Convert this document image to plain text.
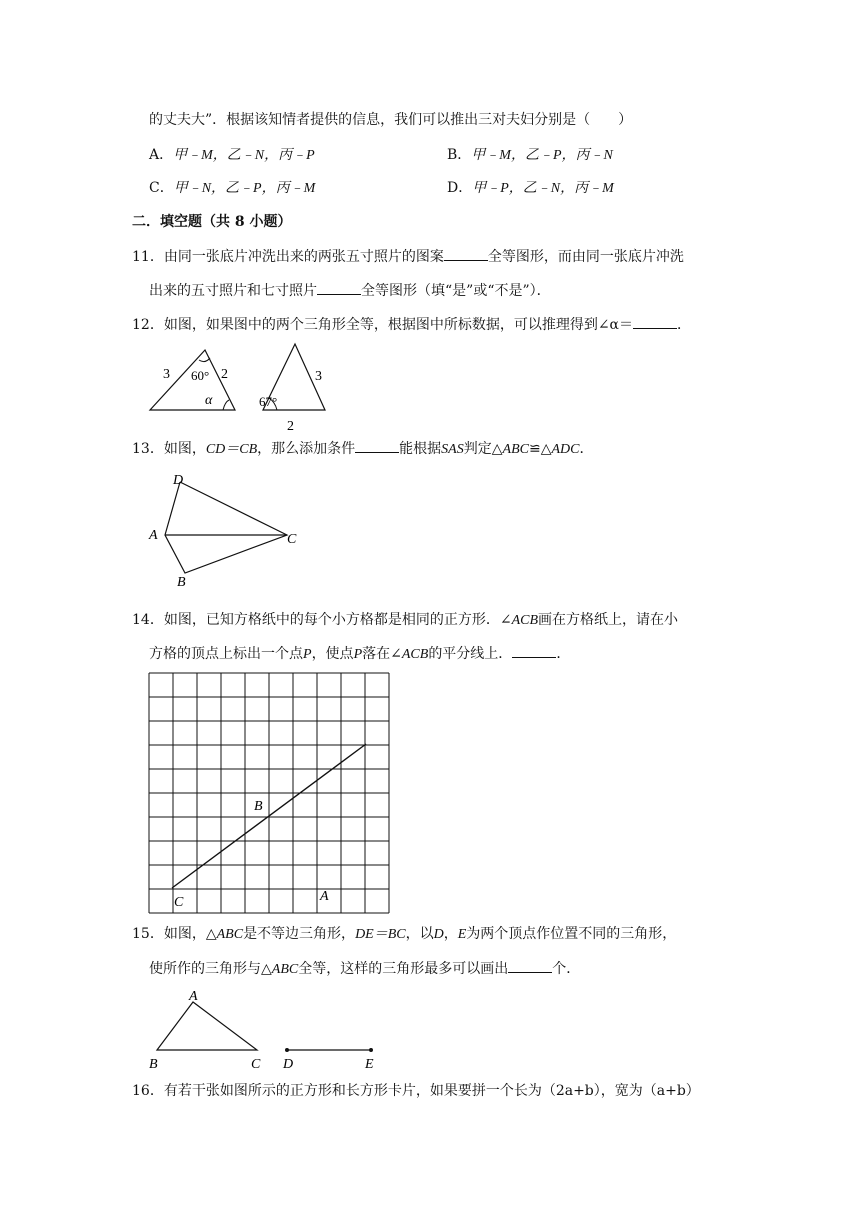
的丈夫大”．根据该知情者提供的信息，我们可以推出三对夫妇分别是（　　）
A．甲﹣M，乙﹣N，丙﹣P	B．甲﹣M，乙﹣P，丙﹣N
C．甲﹣N，乙﹣P，丙﹣M	D．甲﹣P，乙﹣N，丙﹣M
二．填空题（共 8 小题）
11．由同一张底片冲洗出来的两张五寸照片的图案	全等图形，而由同一张底片冲洗
出来的五寸照片和七寸照片	全等图形（填“是”或“不是”）．
12．如图，如果图中的两个三角形全等，根据图中所标数据，可以推理得到∠α＝	．
3	2
60°
α
3
67°
2
13．如图，CD＝CB，那么添加条件	能根据SAS判定△ABC≌△ADC．
D
A	C
B
14．如图，已知方格纸中的每个小方格都是相同的正方形．∠ACB画在方格纸上，请在小
方格的顶点上标出一个点P，使点P落在∠ACB的平分线上．	．
B
C	A
15．如图，△ABC是不等边三角形，DE＝BC，以D，E为两个顶点作位置不同的三角形，
使所作的三角形与△ABC全等，这样的三角形最多可以画出	个．
A
B	C D	E
16．有若干张如图所示的正方形和长方形卡片，如果要拼一个长为（2a+b），宽为（a+b）
